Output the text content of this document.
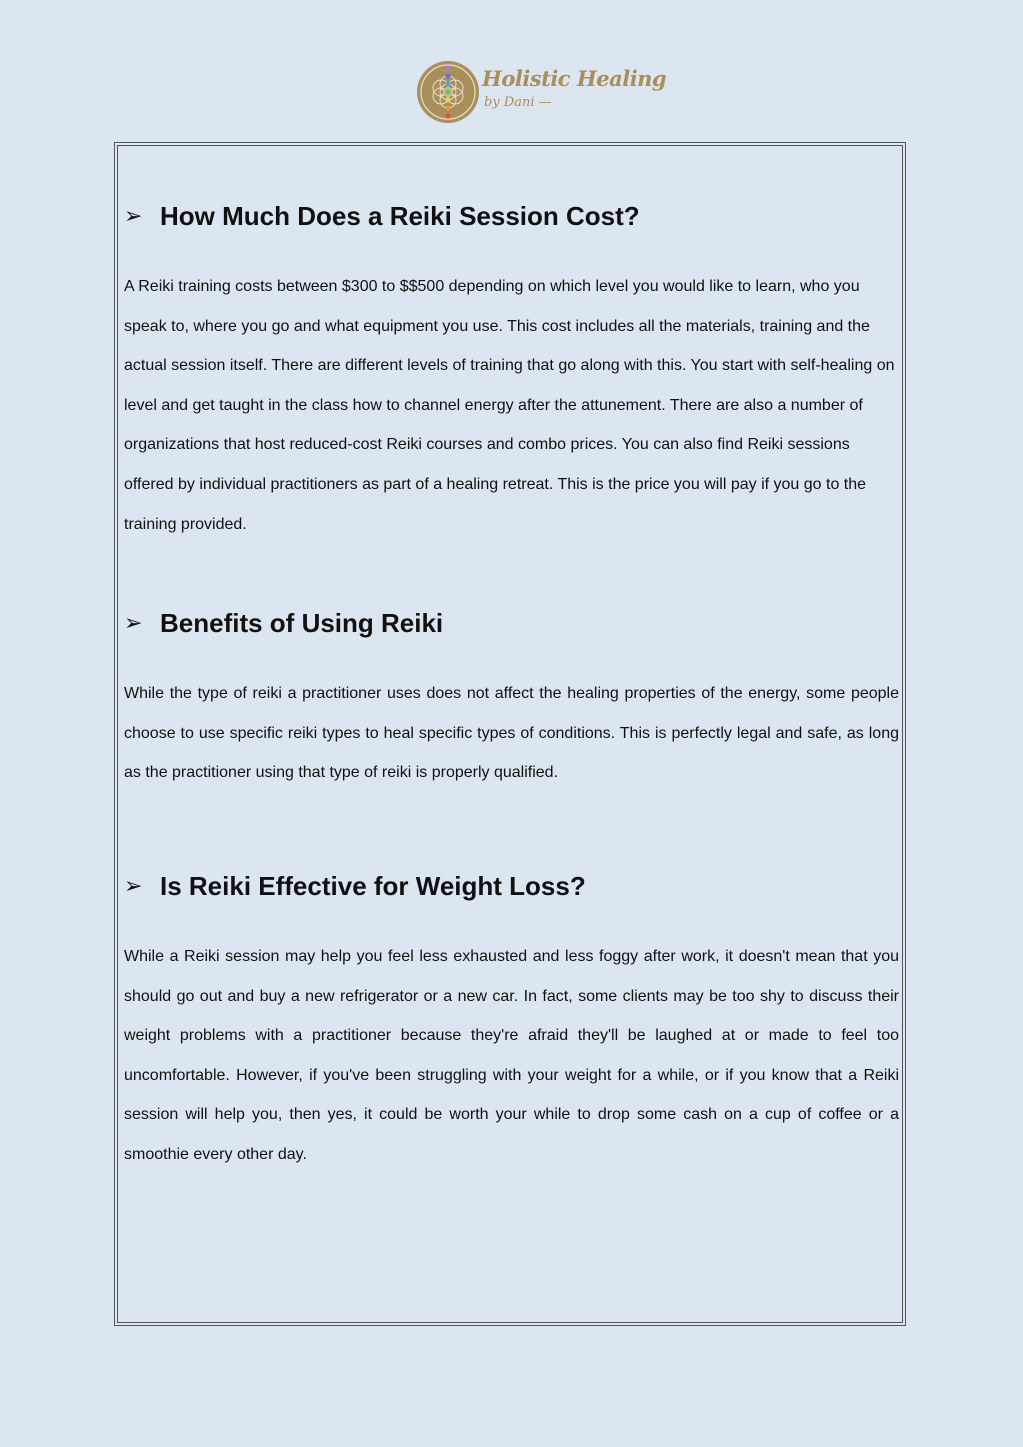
Holistic Healing
by Dani —
➢ How Much Does a Reiki Session Cost?

A Reiki training costs between $300 to $$500 depending on which level you would like to learn, who you speak to, where you go and what equipment you use. This cost includes all the materials, training and the actual session itself. There are different levels of training that go along with this. You start with self-healing on level and get taught in the class how to channel energy after the attunement. There are also a number of organizations that host reduced-cost Reiki courses and combo prices. You can also find Reiki sessions offered by individual practitioners as part of a healing retreat. This is the price you will pay if you go to the training provided.

➢ Benefits of Using Reiki

While the type of reiki a practitioner uses does not affect the healing properties of the energy, some people choose to use specific reiki types to heal specific types of conditions. This is perfectly legal and safe, as long as the practitioner using that type of reiki is properly qualified.

➢ Is Reiki Effective for Weight Loss?

While a Reiki session may help you feel less exhausted and less foggy after work, it doesn't mean that you should go out and buy a new refrigerator or a new car. In fact, some clients may be too shy to discuss their weight problems with a practitioner because they're afraid they'll be laughed at or made to feel too uncomfortable. However, if you've been struggling with your weight for a while, or if you know that a Reiki session will help you, then yes, it could be worth your while to drop some cash on a cup of coffee or a smoothie every other day.
